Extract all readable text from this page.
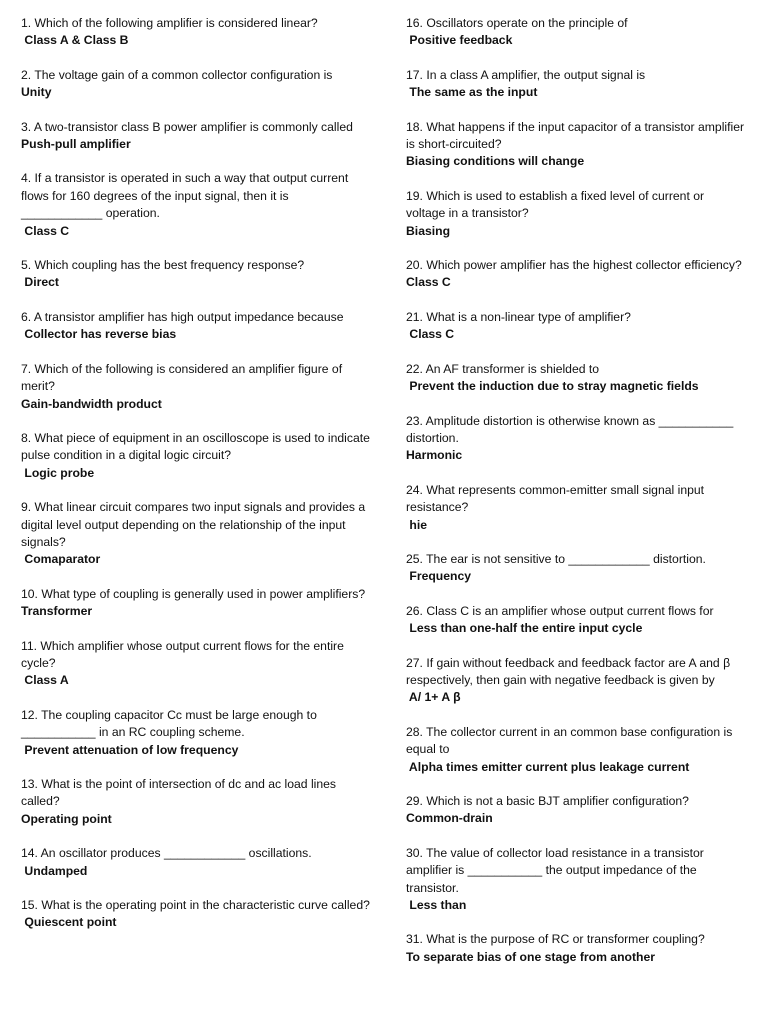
1. Which of the following amplifier is considered linear?

Class A & Class B

2. The voltage gain of a common collector configuration is

Unity

3. A two-transistor class B power amplifier is commonly called

Push-pull amplifier

4. If a transistor is operated in such a way that output current flows for 160 degrees of the input signal, then it is ____________ operation.

Class C

5. Which coupling has the best frequency response?

Direct

6. A transistor amplifier has high output impedance because

Collector has reverse bias

7. Which of the following is considered an amplifier figure of merit?

Gain-bandwidth product

8. What piece of equipment in an oscilloscope is used to indicate pulse condition in a digital logic circuit?

Logic probe

9. What linear circuit compares two input signals and provides a digital level output depending on the relationship of the input signals?

Comaparator

10. What type of coupling is generally used in power amplifiers?

Transformer

11. Which amplifier whose output current flows for the entire cycle?

Class A

12. The coupling capacitor Cc must be large enough to ___________ in an RC coupling scheme.

Prevent attenuation of low frequency

13. What is the point of intersection of dc and ac load lines called?

Operating point

14. An oscillator produces ____________ oscillations.

Undamped

15. What is the operating point in the characteristic curve called?

Quiescent point

16. Oscillators operate on the principle of

Positive feedback

17. In a class A amplifier, the output signal is

The same as the input

18. What happens if the input capacitor of a transistor amplifier is short-circuited?

Biasing conditions will change

19. Which is used to establish a fixed level of current or voltage in a transistor?

Biasing

20. Which power amplifier has the highest collector efficiency?

Class C

21. What is a non-linear type of amplifier?

Class C

22. An AF transformer is shielded to

Prevent the induction due to stray magnetic fields

23. Amplitude distortion is otherwise known as ___________ distortion.

Harmonic

24. What represents common-emitter small signal input resistance?

hie

25. The ear is not sensitive to ____________ distortion.

Frequency

26. Class C is an amplifier whose output current flows for

Less than one-half the entire input cycle

27. If gain without feedback and feedback factor are A and β respectively, then gain with negative feedback is given by

A/ 1+ A β

28. The collector current in an common base configuration is equal to

Alpha times emitter current plus leakage current

29. Which is not a basic BJT amplifier configuration?

Common-drain

30. The value of collector load resistance in a transistor amplifier is ___________ the output impedance of the transistor.

Less than

31. What is the purpose of RC or transformer coupling?

To separate bias of one stage from another
